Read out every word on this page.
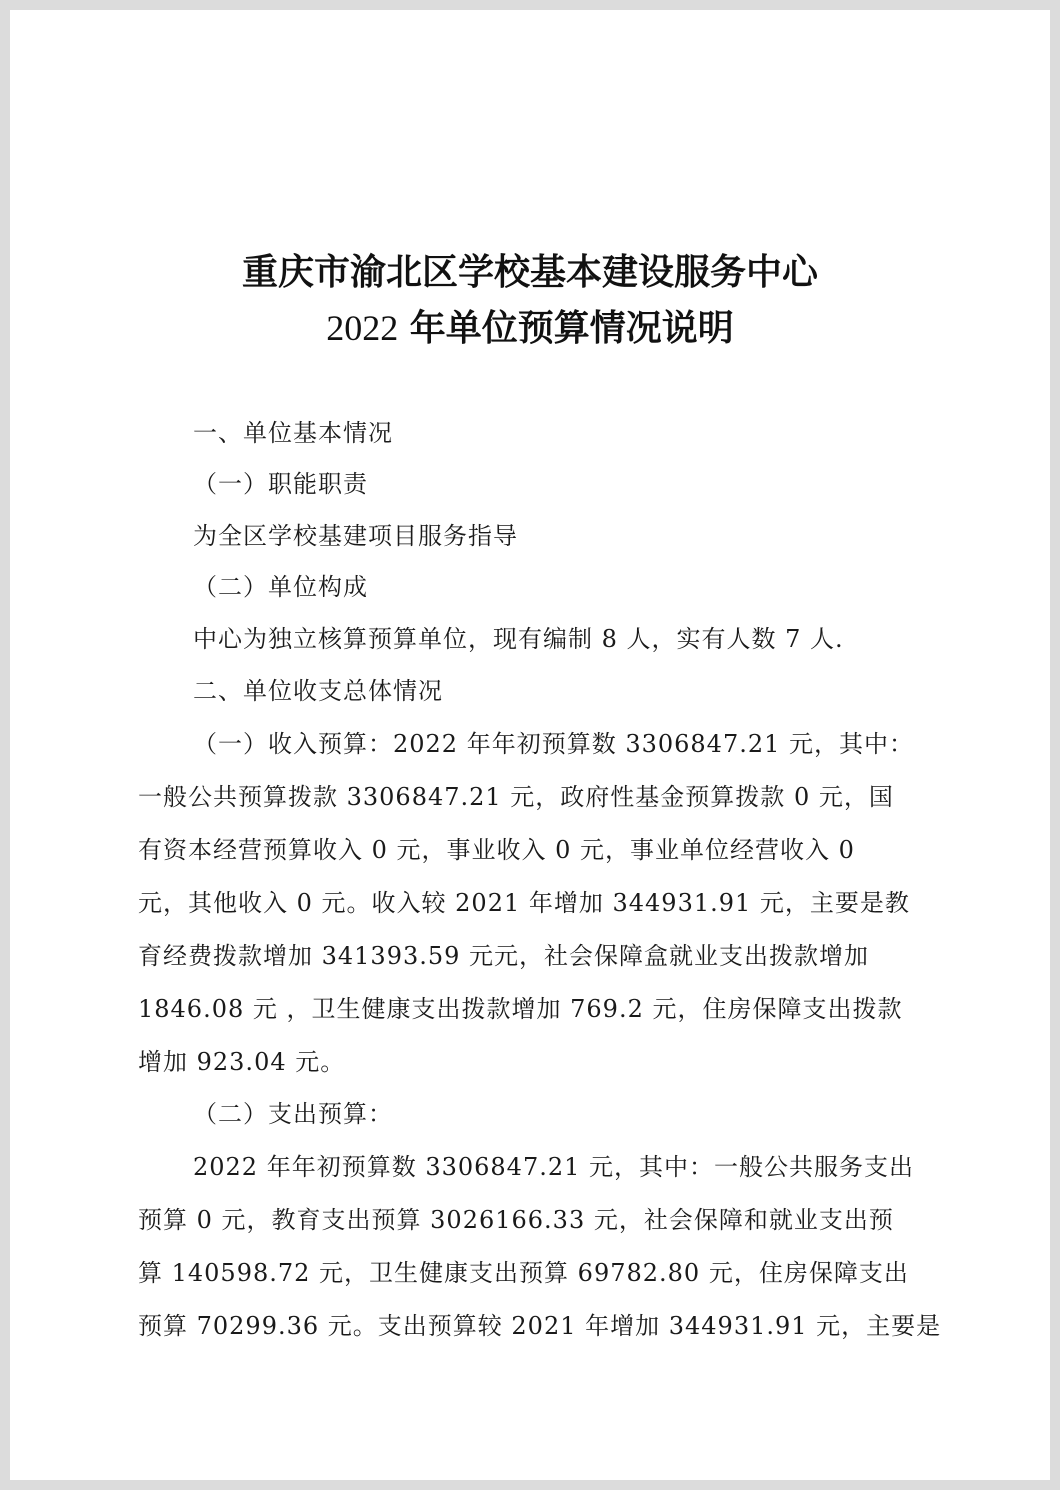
重庆市渝北区学校基本建设服务中心
2022 年单位预算情况说明
一、单位基本情况
（一）职能职责
为全区学校基建项目服务指导
（二）单位构成
中心为独立核算预算单位，现有编制 8 人，实有人数 7 人.
二、单位收支总体情况
（一）收入预算：2022 年年初预算数 3306847.21 元，其中：
一般公共预算拨款 3306847.21 元，政府性基金预算拨款 0 元，国
有资本经营预算收入 0 元，事业收入 0 元，事业单位经营收入 0
元，其他收入 0 元。收入较 2021 年增加 344931.91 元，主要是教
育经费拨款增加 341393.59 元元，社会保障盒就业支出拨款增加
1846.08 元 ，卫生健康支出拨款增加 769.2 元，住房保障支出拨款
增加 923.04 元。
（二）支出预算：
2022 年年初预算数 3306847.21 元，其中：一般公共服务支出
预算 0 元，教育支出预算 3026166.33 元，社会保障和就业支出预
算 140598.72 元，卫生健康支出预算 69782.80 元，住房保障支出
预算 70299.36 元。支出预算较 2021 年增加 344931.91 元，主要是
